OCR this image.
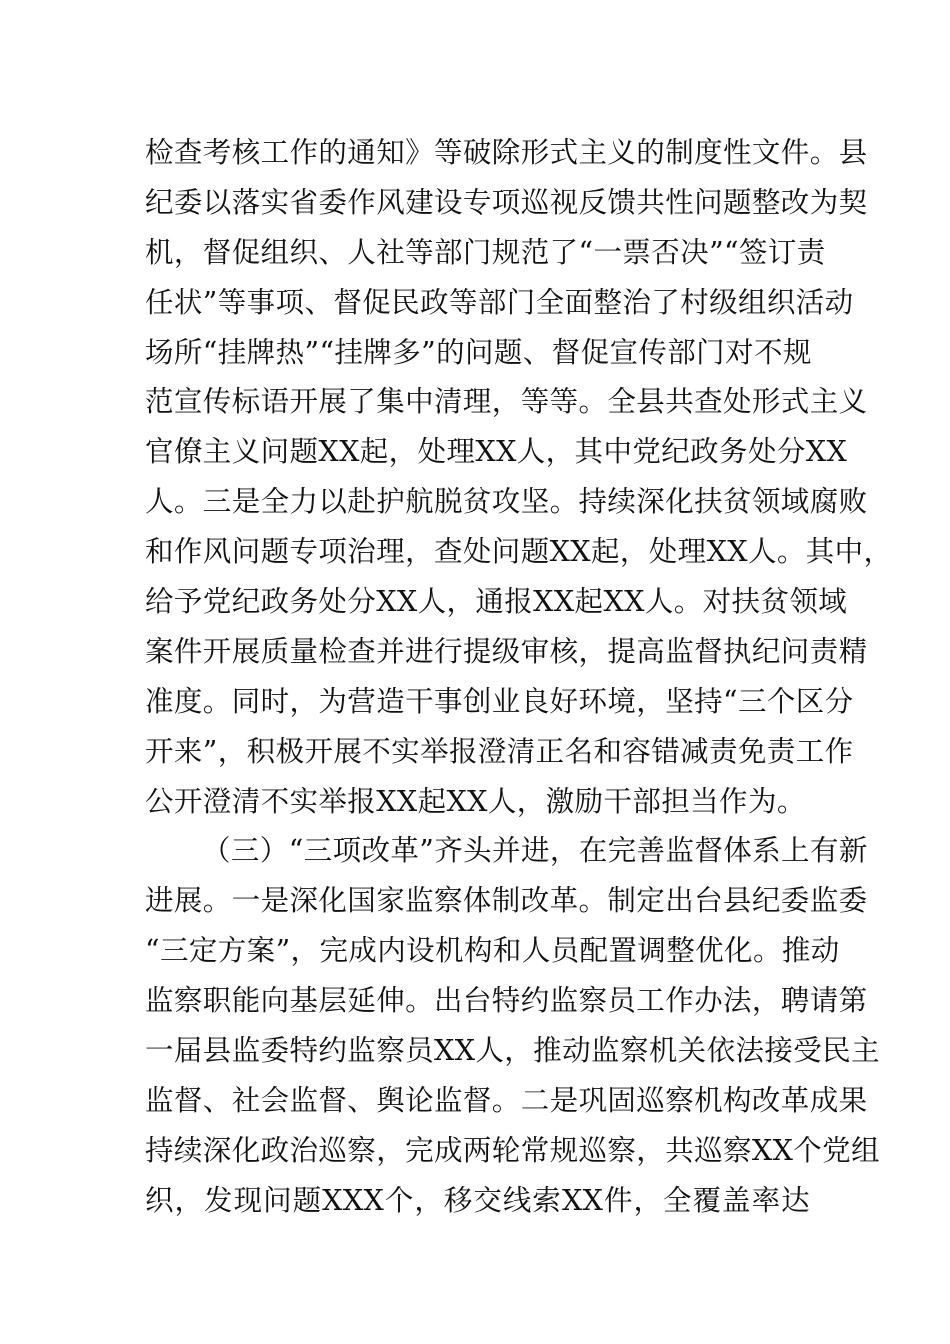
检查考核工作的通知》等破除形式主义的制度性文件。县
纪委以落实省委作风建设专项巡视反馈共性问题整改为契
机，督促组织、人社等部门规范了“一票否决”“签订责
任状”等事项、督促民政等部门全面整治了村级组织活动
场所“挂牌热”“挂牌多”的问题、督促宣传部门对不规
范宣传标语开展了集中清理，等等。全县共查处形式主义
官僚主义问题XX起，处理XX人，其中党纪政务处分XX
人。三是全力以赴护航脱贫攻坚。持续深化扶贫领域腐败
和作风问题专项治理，查处问题XX起，处理XX人。其中，
给予党纪政务处分XX人，通报XX起XX人。对扶贫领域
案件开展质量检查并进行提级审核，提高监督执纪问责精
准度。同时，为营造干事创业良好环境，坚持“三个区分
开来”，积极开展不实举报澄清正名和容错减责免责工作
公开澄清不实举报XX起XX人，激励干部担当作为。
（三）“三项改革”齐头并进，在完善监督体系上有新
进展。一是深化国家监察体制改革。制定出台县纪委监委
“三定方案”，完成内设机构和人员配置调整优化。推动
监察职能向基层延伸。出台特约监察员工作办法，聘请第
一届县监委特约监察员XX人，推动监察机关依法接受民主
监督、社会监督、舆论监督。二是巩固巡察机构改革成果
持续深化政治巡察，完成两轮常规巡察，共巡察XX个党组
织，发现问题XXX个，移交线索XX件，全覆盖率达
